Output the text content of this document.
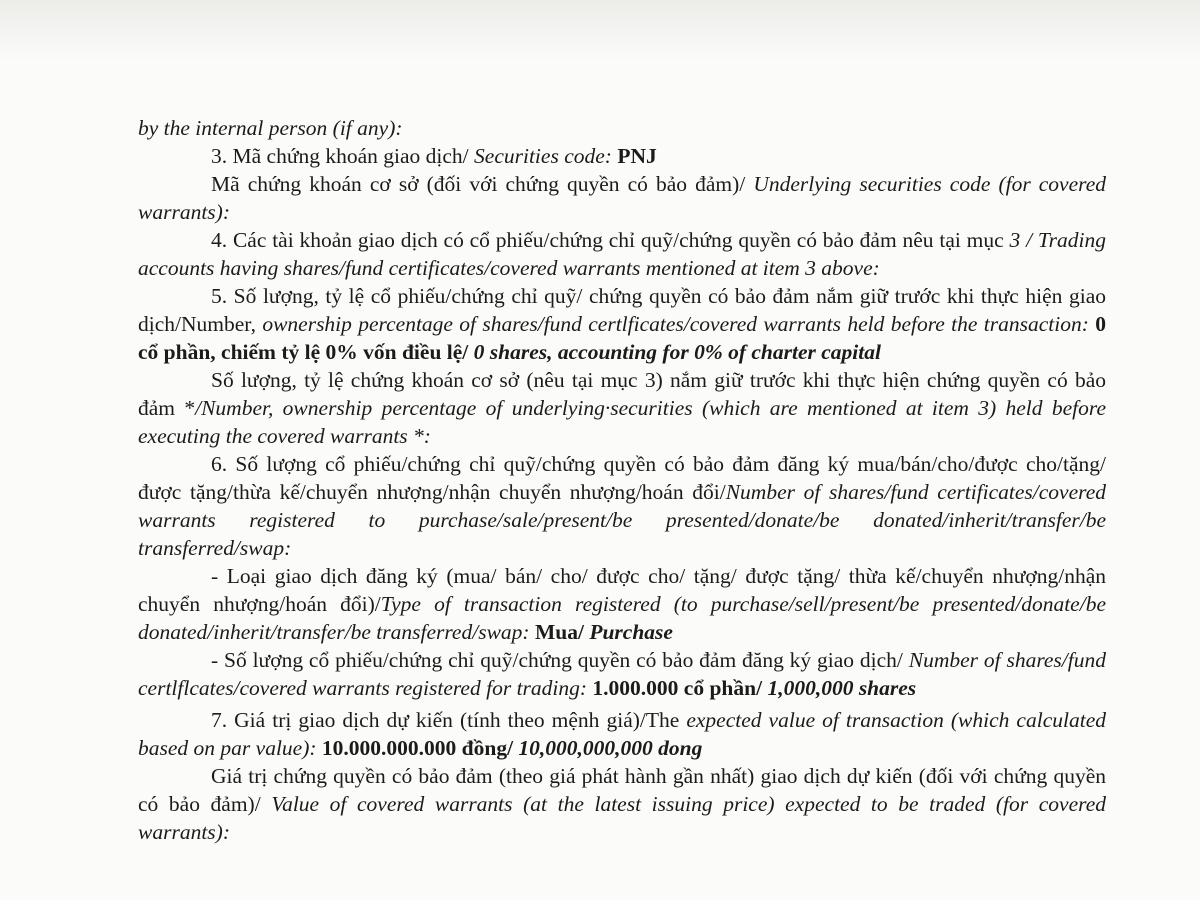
by the internal person (if any):

3. Mã chứng khoán giao dịch/ Securities code: PNJ

Mã chứng khoán cơ sở (đối với chứng quyền có bảo đảm)/ Underlying securities code (for covered warrants):

4. Các tài khoản giao dịch có cổ phiếu/chứng chỉ quỹ/chứng quyền có bảo đảm nêu tại mục 3 / Trading accounts having shares/fund certificates/covered warrants mentioned at item 3 above:

5. Số lượng, tỷ lệ cổ phiếu/chứng chỉ quỹ/ chứng quyền có bảo đảm nắm giữ trước khi thực hiện giao dịch/Number, ownership percentage of shares/fund certlficates/covered warrants held before the transaction: 0 cổ phần, chiếm tỷ lệ 0% vốn điều lệ/ 0 shares, accounting for 0% of charter capital

Số lượng, tỷ lệ chứng khoán cơ sở (nêu tại mục 3) nắm giữ trước khi thực hiện chứng quyền có bảo đảm */Number, ownership percentage of underlying·securities (which are mentioned at item 3) held before executing the covered warrants *:

6. Số lượng cổ phiếu/chứng chỉ quỹ/chứng quyền có bảo đảm đăng ký mua/bán/cho/được cho/tặng/được tặng/thừa kế/chuyển nhượng/nhận chuyển nhượng/hoán đổi/Number of shares/fund certificates/covered warrants registered to purchase/sale/present/be presented/donate/be donated/inherit/transfer/be transferred/swap:

- Loại giao dịch đăng ký (mua/ bán/ cho/ được cho/ tặng/ được tặng/ thừa kế/chuyển nhượng/nhận chuyển nhượng/hoán đổi)/Type of transaction registered (to purchase/sell/present/be presented/donate/be donated/inherit/transfer/be transferred/swap: Mua/ Purchase

- Số lượng cổ phiếu/chứng chỉ quỹ/chứng quyền có bảo đảm đăng ký giao dịch/ Number of shares/fund certlflcates/covered warrants registered for trading: 1.000.000 cổ phần/ 1,000,000 shares

7. Giá trị giao dịch dự kiến (tính theo mệnh giá)/The expected value of transaction (which calculated based on par value): 10.000.000.000 đồng/ 10,000,000,000 dong

Giá trị chứng quyền có bảo đảm (theo giá phát hành gần nhất) giao dịch dự kiến (đối với chứng quyền có bảo đảm)/ Value of covered warrants (at the latest issuing price) expected to be traded (for covered warrants):
